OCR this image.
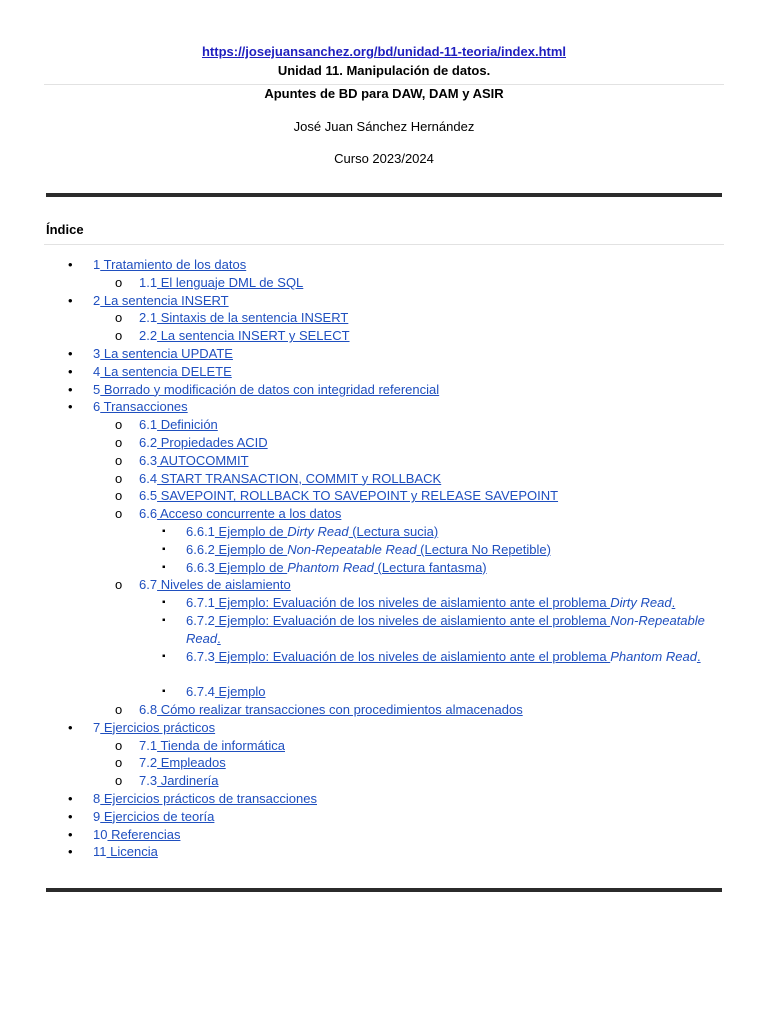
https://josejuansanchez.org/bd/unidad-11-teoria/index.html
Unidad 11. Manipulación de datos.
Apuntes de BD para DAW, DAM y ASIR
José Juan Sánchez Hernández
Curso 2023/2024
Índice
• 1 Tratamiento de los datos
o 1.1 El lenguaje DML de SQL
• 2 La sentencia INSERT
o 2.1 Sintaxis de la sentencia INSERT
o 2.2 La sentencia INSERT y SELECT
• 3 La sentencia UPDATE
• 4 La sentencia DELETE
• 5 Borrado y modificación de datos con integridad referencial
• 6 Transacciones
o 6.1 Definición
o 6.2 Propiedades ACID
o 6.3 AUTOCOMMIT
o 6.4 START TRANSACTION, COMMIT y ROLLBACK
o 6.5 SAVEPOINT, ROLLBACK TO SAVEPOINT y RELEASE SAVEPOINT
o 6.6 Acceso concurrente a los datos
▪ 6.6.1 Ejemplo de Dirty Read (Lectura sucia)
▪ 6.6.2 Ejemplo de Non-Repeatable Read (Lectura No Repetible)
▪ 6.6.3 Ejemplo de Phantom Read (Lectura fantasma)
o 6.7 Niveles de aislamiento
▪ 6.7.1 Ejemplo: Evaluación de los niveles de aislamiento ante el problema Dirty Read.
▪ 6.7.2 Ejemplo: Evaluación de los niveles de aislamiento ante el problema Non-Repeatable Read.
▪ 6.7.3 Ejemplo: Evaluación de los niveles de aislamiento ante el problema Phantom Read.
▪ 6.7.4 Ejemplo
o 6.8 Cómo realizar transacciones con procedimientos almacenados
• 7 Ejercicios prácticos
o 7.1 Tienda de informática
o 7.2 Empleados
o 7.3 Jardinería
• 8 Ejercicios prácticos de transacciones
• 9 Ejercicios de teoría
• 10 Referencias
• 11 Licencia
